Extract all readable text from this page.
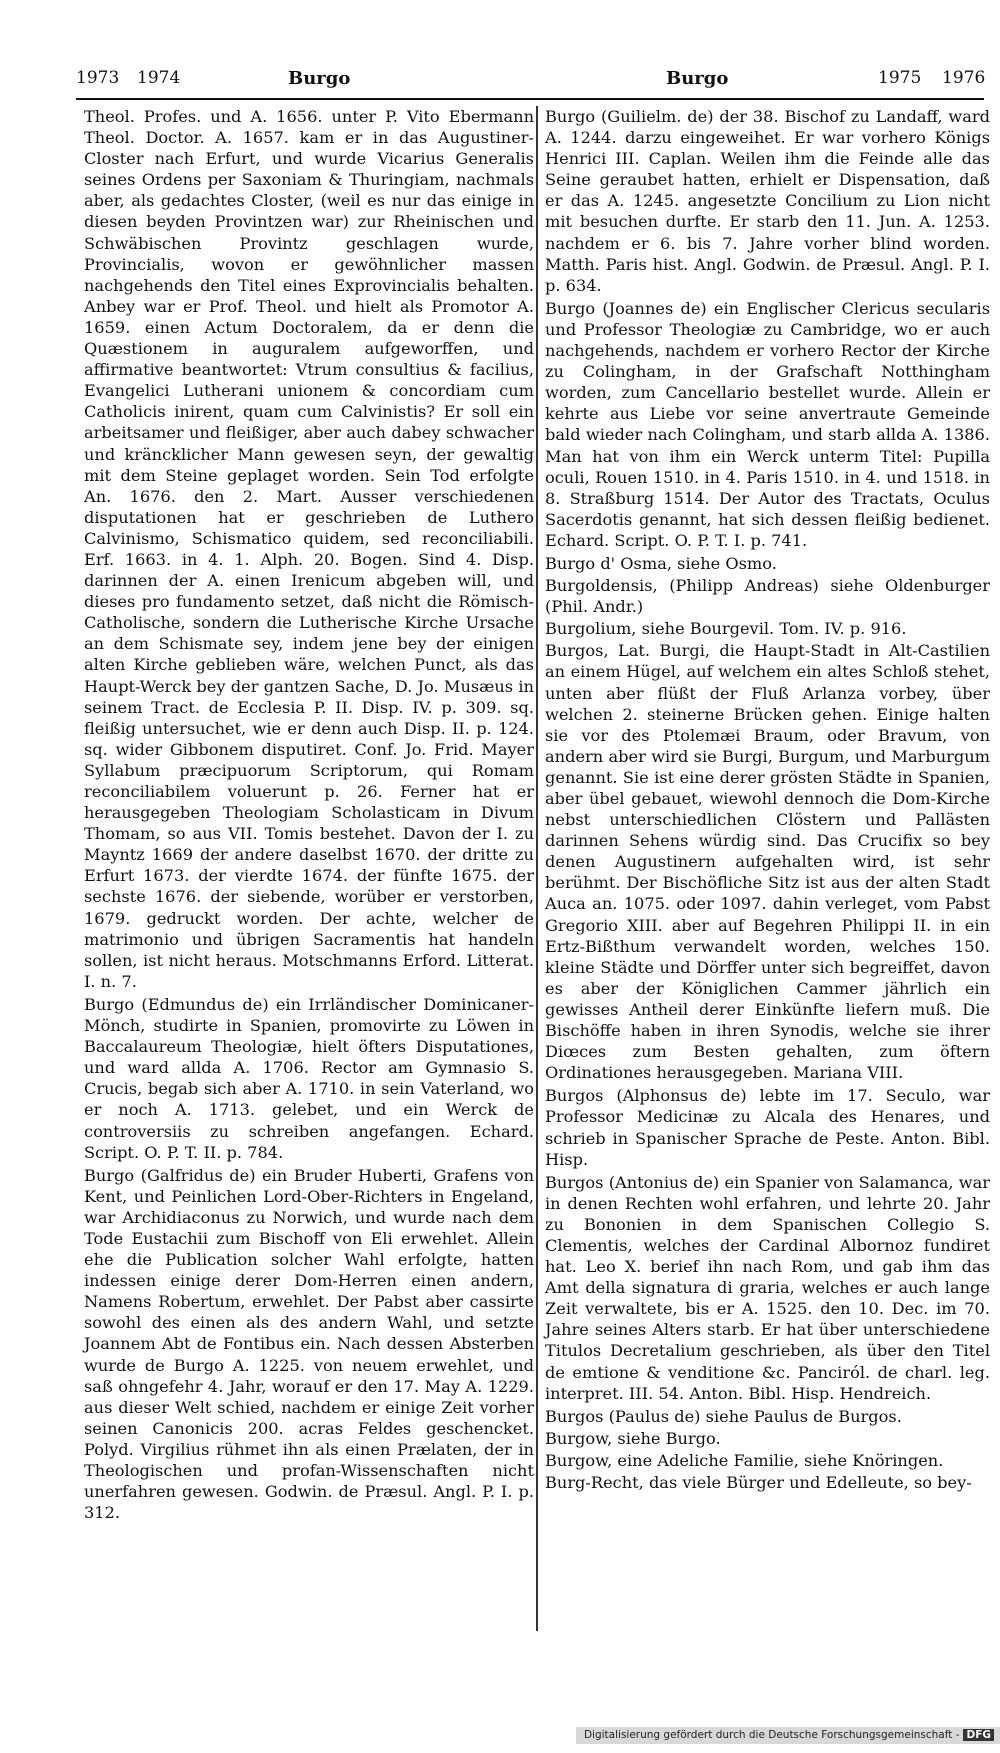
1973 1974	Burgo	Burgo	1975 1976

Theol. Profes. und A. 1656. unter P. Vito Ebermann Theol. Doctor. A. 1657. kam er in das Augustiner-Closter nach Erfurt, und wurde Vicarius Generalis seines Ordens per Saxoniam & Thuringiam, nachmals aber, als gedachtes Closter, (weil es nur das einige in diesen beyden Provintzen war) zur Rheinischen und Schwäbischen Provintz geschlagen wurde, Provincialis, wovon er gewöhnlicher massen nachgehends den Titel eines Exprovincialis behalten. Anbey war er Prof. Theol. und hielt als Promotor A. 1659. einen Actum Doctoralem, da er denn die Quæstionem in auguralem aufgeworffen, und affirmative beantwortet: Vtrum consultius & facilius, Evangelici Lutherani unionem & concordiam cum Catholicis inirent, quam cum Calvinistis? Er soll ein arbeitsamer und fleißiger, aber auch dabey schwacher und kräncklicher Mann gewesen seyn, der gewaltig mit dem Steine geplaget worden. Sein Tod erfolgte An. 1676. den 2. Mart. Ausser verschiedenen disputationen hat er geschrieben de Luthero Calvinismo, Schismatico quidem, sed reconciliabili. Erf. 1663. in 4. 1. Alph. 20. Bogen. Sind 4. Disp. darinnen der A. einen Irenicum abgeben will, und dieses pro fundamento setzet, daß nicht die Römisch-Catholische, sondern die Lutherische Kirche Ursache an dem Schismate sey, indem jene bey der einigen alten Kirche geblieben wäre, welchen Punct, als das Haupt-Werck bey der gantzen Sache, D. Jo. Musæus in seinem Tract. de Ecclesia P. II. Disp. IV. p. 309. sq. fleißig untersuchet, wie er denn auch Disp. II. p. 124. sq. wider Gibbonem disputiret. Conf. Jo. Frid. Mayer Syllabum præcipuorum Scriptorum, qui Romam reconciliabilem voluerunt p. 26. Ferner hat er herausgegeben Theologiam Scholasticam in Divum Thomam, so aus VII. Tomis bestehet. Davon der I. zu Mayntz 1669 der andere daselbst 1670. der dritte zu Erfurt 1673. der vierdte 1674. der fünfte 1675. der sechste 1676. der siebende, worüber er verstorben, 1679. gedruckt worden. Der achte, welcher de matrimonio und übrigen Sacramentis hat handeln sollen, ist nicht heraus. Motschmanns Erford. Litterat. I. n. 7.

Burgo (Edmundus de) ein Irrländischer Dominicaner-Mönch, studirte in Spanien, promovirte zu Löwen in Baccalaureum Theologiæ, hielt öfters Disputationes, und ward allda A. 1706. Rector am Gymnasio S. Crucis, begab sich aber A. 1710. in sein Vaterland, wo er noch A. 1713. gelebet, und ein Werck de controversiis zu schreiben angefangen. Echard. Script. O. P. T. II. p. 784.

Burgo (Galfridus de) ein Bruder Huberti, Grafens von Kent, und Peinlichen Lord-Ober-Richters in Engeland, war Archidiaconus zu Norwich, und wurde nach dem Tode Eustachii zum Bischoff von Eli erwehlet. Allein ehe die Publication solcher Wahl erfolgte, hatten indessen einige derer Dom-Herren einen andern, Namens Robertum, erwehlet. Der Pabst aber cassirte sowohl des einen als des andern Wahl, und setzte Joannem Abt de Fontibus ein. Nach dessen Absterben wurde de Burgo A. 1225. von neuem erwehlet, und saß ohngefehr 4. Jahr, worauf er den 17. May A. 1229. aus dieser Welt schied, nachdem er einige Zeit vorher seinen Canonicis 200. acras Feldes geschencket. Polyd. Virgilius rühmet ihn als einen Prælaten, der in Theologischen und profan-Wissenschaften nicht unerfahren gewesen. Godwin. de Præsul. Angl. P. I. p. 312.

Burgo (Guilielm. de) der 38. Bischof zu Landaff, ward A. 1244. darzu eingeweihet. Er war vorhero Königs Henrici III. Caplan. Weilen ihm die Feinde alle das Seine geraubet hatten, erhielt er Dispensation, daß er das A. 1245. angesetzte Concilium zu Lion nicht mit besuchen durfte. Er starb den 11. Jun. A. 1253. nachdem er 6. bis 7. Jahre vorher blind worden. Matth. Paris hist. Angl. Godwin. de Præsul. Angl. P. I. p. 634.

Burgo (Joannes de) ein Englischer Clericus secularis und Professor Theologiæ zu Cambridge, wo er auch nachgehends, nachdem er vorhero Rector der Kirche zu Colingham, in der Grafschaft Notthingham worden, zum Cancellario bestellet wurde. Allein er kehrte aus Liebe vor seine anvertraute Gemeinde bald wieder nach Colingham, und starb allda A. 1386. Man hat von ihm ein Werck unterm Titel: Pupilla oculi, Rouen 1510. in 4. Paris 1510. in 4. und 1518. in 8. Straßburg 1514. Der Autor des Tractats, Oculus Sacerdotis genannt, hat sich dessen fleißig bedienet. Echard. Script. O. P. T. I. p. 741.

Burgo d' Osma, siehe Osmo.

Burgoldensis, (Philipp Andreas) siehe Oldenburger (Phil. Andr.)

Burgolium, siehe Bourgevil. Tom. IV. p. 916.

Burgos, Lat. Burgi, die Haupt-Stadt in Alt-Castilien an einem Hügel, auf welchem ein altes Schloß stehet, unten aber flüßt der Fluß Arlanza vorbey, über welchen 2. steinerne Brücken gehen. Einige halten sie vor des Ptolemæi Braum, oder Bravum, von andern aber wird sie Burgi, Burgum, und Marburgum genannt. Sie ist eine derer grösten Städte in Spanien, aber übel gebauet, wiewohl dennoch die Dom-Kirche nebst unterschiedlichen Clöstern und Pallästen darinnen Sehens würdig sind. Das Crucifix so bey denen Augustinern aufgehalten wird, ist sehr berühmt. Der Bischöfliche Sitz ist aus der alten Stadt Auca an. 1075. oder 1097. dahin verleget, vom Pabst Gregorio XIII. aber auf Begehren Philippi II. in ein Ertz-Bißthum verwandelt worden, welches 150. kleine Städte und Dörffer unter sich begreiffet, davon es aber der Königlichen Cammer jährlich ein gewisses Antheil derer Einkünfte liefern muß. Die Bischöffe haben in ihren Synodis, welche sie ihrer Diœces zum Besten gehalten, zum öftern Ordinationes herausgegeben. Mariana VIII.

Burgos (Alphonsus de) lebte im 17. Seculo, war Professor Medicinæ zu Alcala des Henares, und schrieb in Spanischer Sprache de Peste. Anton. Bibl. Hisp.

Burgos (Antonius de) ein Spanier von Salamanca, war in denen Rechten wohl erfahren, und lehrte 20. Jahr zu Bononien in dem Spanischen Collegio S. Clementis, welches der Cardinal Albornoz fundiret hat. Leo X. berief ihn nach Rom, und gab ihm das Amt della signatura di graria, welches er auch lange Zeit verwaltete, bis er A. 1525. den 10. Dec. im 70. Jahre seines Alters starb. Er hat über unterschiedene Titulos Decretalium geschrieben, als über den Titel de emtione & venditione &c. Panciról. de charl. leg. interpret. III. 54. Anton. Bibl. Hisp. Hendreich.

Burgos (Paulus de) siehe Paulus de Burgos.

Burgow, siehe Burgo.

Burgow, eine Adeliche Familie, siehe Knöringen.

Burg-Recht, das viele Bürger und Edelleute, so bey-

Digitalisierung gefördert durch die Deutsche Forschungsgemeinschaft - DFG
